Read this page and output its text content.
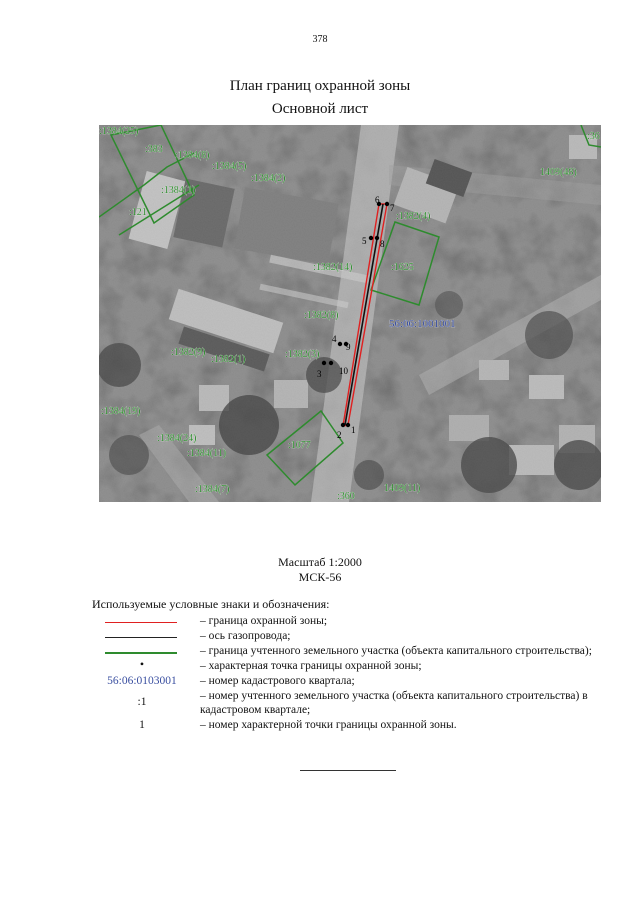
378
План границ охранной зоны
Основной лист
1
2
3
4
5
6
7
8
9
10
:1384(25)
:383
:1384(8)
:1384(5)
:1384(2)
:1384(1)
:121
:36
1409(48)
:1382(4)
:1382(14)	:1625
:1382(8)
:1382(9)
:1382(1)	:1382(3)
:1384(19)
:1384(24)
:1384(11)
:1077
:1384(7)
:360
1409(11)
56:06:1001001
Масштаб 1:2000
МСК-56
Используемые условные знаки и обозначения:
– граница охранной зоны;
– ось газопровода;
– граница учтенного земельного участка (объекта капитального строительства);
•	– характерная точка границы охранной зоны;
56:06:0103001	– номер кадастрового квартала;
:1	– номер учтенного земельного участка (объекта капитального строительства) в кадастровом квартале;
1	– номер характерной точки границы охранной зоны.
